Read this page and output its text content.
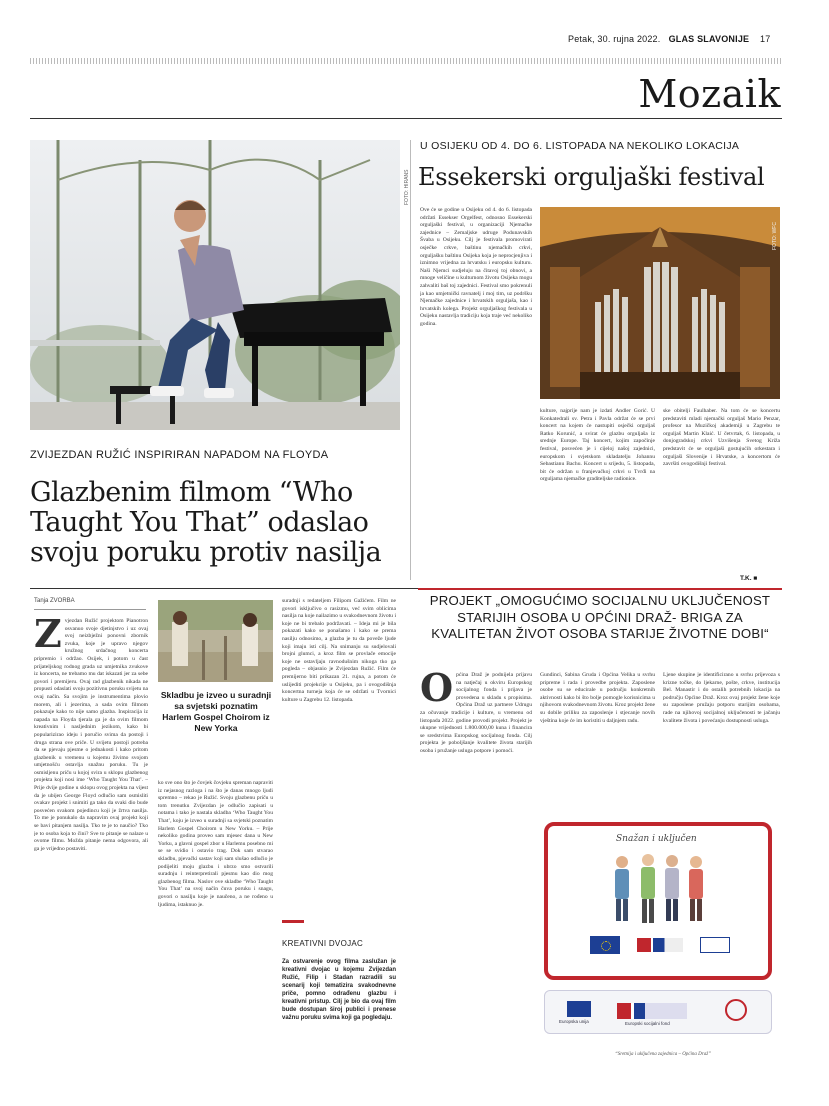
Petak, 30. rujna 2022. GLAS SLAVONIJE 17
Mozaik
FOTO: HIRANS
ZVIJEZDAN RUŽIĆ INSPIRIRAN NAPADOM NA FLOYDA
Glazbenim filmom “Who Taught You That” odaslao svoju poruku protiv nasilja
Tanja ZVORBA
Z vjezdan Ružić projektom Pianotron osvanuo svoje djetinjstvo i uz ovaj svoj neizbježni ponovni zbornik zvuka, koje je upravo njegov kružnog srdačnog koncerta pripremio i održao. Osijek, i potom u čast prijateljskog rodnog grada uz umjetnika zvukove iz koncerta, ne trebamo mu dat iskazati jer za sebe govori i premijeru. Ovaj rad glazbenik nikada ne propusti odaslati svoju pozitivnu poruku svijetu na ovaj način. Sa svojim je instrumentima plovio morem, ali i jezerima, a sada ovim filmom pokazuje kako to nije samo glazba. Inspiracija iz napada na Floyda tjerala ga je da ovim filmom kreativnim i nasljednim jezikom, kako bi popularizirao ideju i poručio svima da postoji i druga strana ove priče. U svijetu postoji potreba da se pjevaju pjesme o jednakosti i kako pritom glazbenik u vremenu u kojemu živimo svojom umjetnošću ostavlja snažnu poruku. Tu je osmisljenu priču u kojoj svira u sklopu glazbenog projekta koji nosi ime ‘Who Taught You That’. – Prije dvije godine u sklopu ovog projekta na vijest da je ubijen George Floyd odlučio sam osmisliti ovakav projekt i snimiti ga tako da svaki dio bude posvećen svakom pojedincu koji je žrtva nasilja. To me je ponukalo da napravim ovaj projekt koji se bavi pitanjem nasilja. Tko te je to naučio? Tko je to osoba koja to čini? Sve to pitanje se nalaze u ovome filmu. Možda pitanje nema odgovora, ali ga je vrijedno postaviti.
Skladbu je izveo u suradnji sa svjetski poznatim Harlem Gospel Choirom iz New Yorka
ko sve ono što je čovjek čovjeku spreman napraviti iz nejasnog razloga i na što je danas mnogo ljudi spremno – rekao je Ružić. Svoju glazbenu priču u tom trenutku Zvijezdan je odlučio zapisati u notama i tako je nastala skladba ‘Who Taught You That’, koju je izveo u suradnji sa svjetski poznatim Harlem Gospel Choirom u New Yorku. – Prije nekoliko godina proveo sam mjesec dana u New Yorku, a glavni gospel zbor u Harlemu posebno mi se se svidio i ostavio trag. Dok sam stvarao skladbu, pjevački sastav koji sam slušao odlučio je podijeliti moju glazbu i ubrzo smo ostvarili suradnju i reinterpretirali pjesmu kao dio mog glazbenog filma. Naslov ove skladbe ‘Who Taught You That’ na svoj način čuva poruku i snagu, govori o nasilju koje je naučeno, a ne rođeno u ljudima, istaknuo je.
suradnji s redateljem Filipom Gažićem. Film ne govori isključivo o rasizmu, već svim oblicima nasilja na koje nailazimo u svakodnevnom životu i koje ne bi trebalo podržavati. – Ideja mi je bila pokazati kako se ponašamo i kako se prema nasilju odnosimo, a glazba je tu da poveže ljude koji imaju isti cilj. Na snimanju su sudjelovali brojni glumci, a kroz film se provlače emocije koje ne ostavljaju ravnodušnim nikoga tko ga pogleda – objasnio je Zvijezdan Ružić. Film će premijerno biti prikazan 21. rujna, a potom će uslijediti projekcije u Osijeku, pa i ovogodišnja koncertna turneja koja će se održati u Tvornici kulture u Zagrebu 12. listopada.
KREATIVNI DVOJAC
Za ostvarenje ovog filma zaslužan je kreativni dvojac u kojemu Zvijezdan Ružić, Filip i Stadan razradili su scenarij koji tematizira svakodnevne priče, pomno odrađenu glazbu i kreativni pristup. Cilj je bio da ovaj film bude dostupan široj publici i prenese važnu poruku svima koji ga pogledaju.
U OSIJEKU OD 4. DO 6. LISTOPADA NA NEKOLIKO LOKACIJA
Essekerski orguljaški festival
Ove će se godine u Osijeku od 4. do 6. listopada održati Essekser Orgelfest, odnosno Essekerski orguljaški festival, u organizaciji Njemačke zajednice – Zemaljske udruge Podunavskih Švaba u Osijeku. Cilj je festivala promovirati osječke crkve, baštinu njemačkih crkvi, orguljašku baštinu Osijeka koja je neprocjenjiva i iznimno vrijedna za hrvatsku i europsku kulturu. Naši Njemci sudjeluju na čitavoj toj obnovi, a mnoge veličine u kulturnom životu Osijeka mogu zahvaliti baš toj zajednici. Festival smo pokrenuli ja kao umjetnički ravnatelj i moj tim, uz podršku Njemačke zajednice i hrvatskih orguljaša, kao i hrvatskih kolega. Projekt orguljaškog festivala u Osijeku nastavlja tradiciju koja traje već nekoliko godina.
FOTO: WFC
kulture, najprije nam je izdati Andler Gorić. U Konkatedrali sv. Petra i Pavla održat će se prvi koncert na kojem će nastupiti osječki orguljaš Ratko Korunić, a svirat će glazbu orguljaša iz srednje Europe. Taj koncert, kojim započinje festival, posvećen je i cijeloj našoj zajednici, europskom i svjetskom skladatelju Johannu Sebastianu Bachu. Koncert u srijedu, 5. listopada, bit će održan u franjevačkoj crkvi u Tvrđi na orguljama njemačke graditeljske radionice.
ske obitelji Faulhaber. Na tom će se koncertu predstaviti mladi njemački orguljaš Mario Penzar, profesor na Muzičkoj akademiji u Zagrebu te orguljaš Martin Klaić. U četvrtak, 6. listopada, u donjogradskoj crkvi Uzvišenja Svetog Križa predstavit će se orguljaši gostujućih orkestara i orguljaši Slovenije i Hrvatske, a koncertom će završiti ovogodišnji festival.
T.K. ■
PROJEKT „OMOGUĆIMO SOCIJALNU UKLJUČENOST STARIJIH OSOBA U OPĆINI DRAŽ- BRIGA ZA KVALITETAN ŽIVOT OSOBA STARIJE ŽIVOTNE DOBI“
O pćina Draž je podnijela prijavu na natječaj u okviru Europskog socijalnog fonda i prijava je provedena u skladu s propisima. Općina Draž uz partnere Udrugu za očuvanje tradicije i kulture, u vremenu od listopada 2022. godine provodi projekt. Projekt je ukupne vrijednosti 1.800.000,00 kuna i financira se sredstvima Europskog socijalnog fonda. Cilj projekta je poboljšanje kvalitete života starijih osoba i pružanje usluga potpore i pomoći.
Gundinci, Sabina Gruda i Općina Velika u svrhu pripreme i rada i provedbe projekta. Zaposlene osobe su se educirale u području konkretnih aktivnosti kako bi što bolje pomogle korisnicima u njihovom svakodnevnom životu. Kroz projekt žene su dobile priliku za zaposlenje i stjecanje novih vještina koje će im koristiti u daljnjem radu.
Ljene skupine je identificirano u svrhu prijevoza s krizne točke, do ljekarne, pošte, crkve, institucija Bel. Manastir i do ostalih potrebnih lokacija na području Općine Draž. Kroz ovaj projekt žene koje su zaposlene pružaju potporu starijim osobama, rade na njihovoj socijalnoj uključenosti te jačanju kvalitete života i povećanju dostupnosti usluga.
Snažan i uključen
Europska unija	Europski socijalni fond
“Sretnija i uključena zajednica – Općina Draž”
